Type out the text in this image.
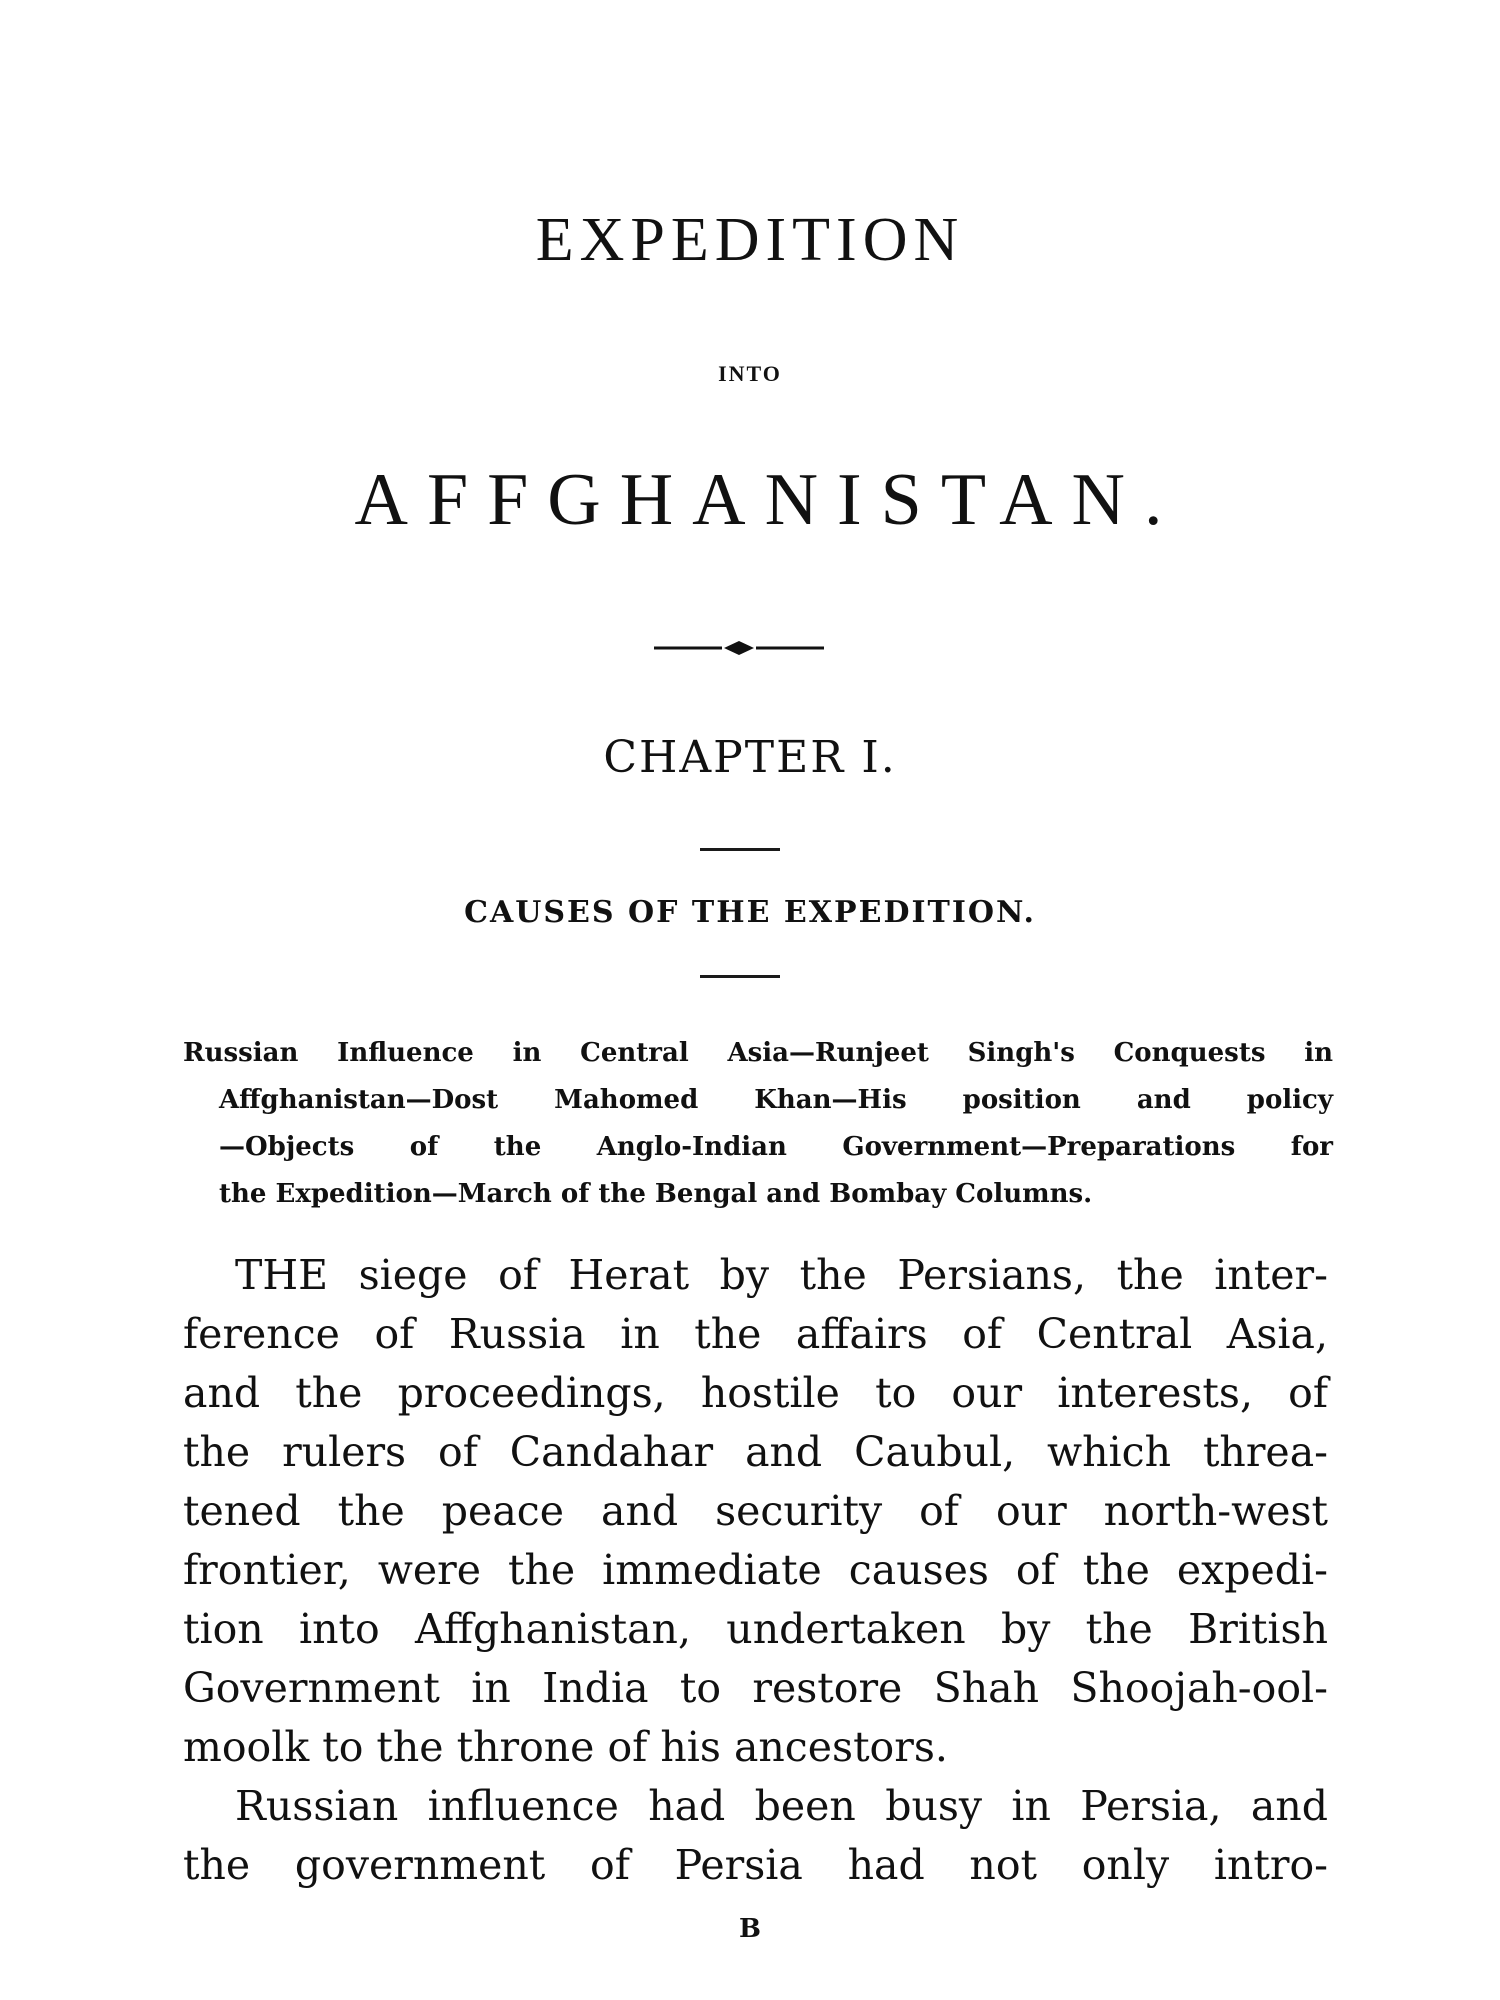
EXPEDITION
INTO
AFFGHANISTAN.
CHAPTER I.
CAUSES OF THE EXPEDITION.
Russian Influence in Central Asia—Runjeet Singh's Conquests in
Affghanistan—Dost Mahomed Khan—His position and policy
—Objects of the Anglo-Indian Government—Preparations for
the Expedition—March of the Bengal and Bombay Columns.
THE siege of Herat by the Persians, the inter-
ference of Russia in the affairs of Central Asia,
and the proceedings, hostile to our interests, of
the rulers of Candahar and Caubul, which threa-
tened the peace and security of our north-west
frontier, were the immediate causes of the expedi-
tion into Affghanistan, undertaken by the British
Government in India to restore Shah Shoojah-ool-
moolk to the throne of his ancestors.
Russian influence had been busy in Persia, and
the government of Persia had not only intro-
B
